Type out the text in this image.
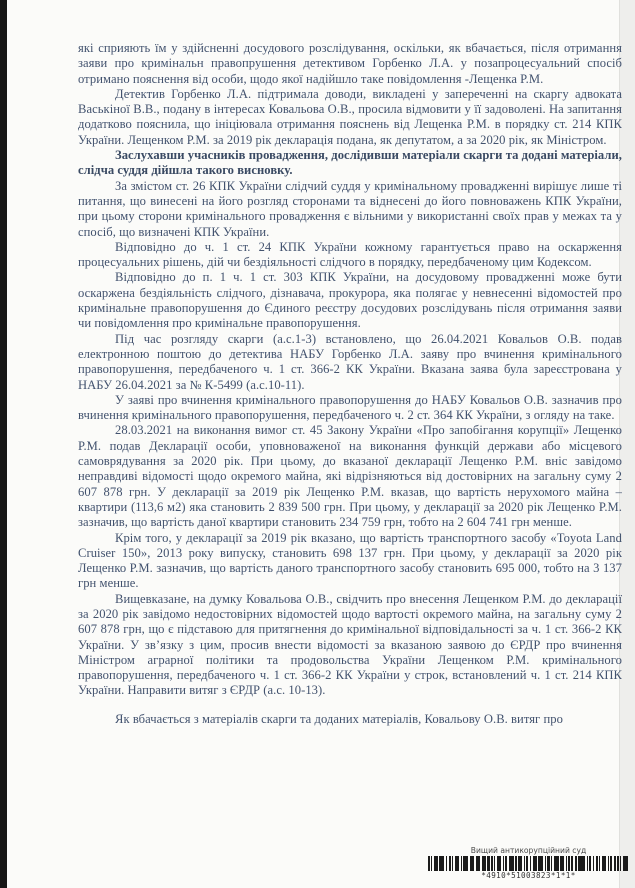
які сприяють їм у здійсненні досудового розслідування, оскільки, як вбачається, після отримання заяви про кримінальн правопрушення детективом Горбенко Л.А. у позапроцесуальний спосіб отримано пояснення від особи, щодо якої надійшло таке повідомлення -Лещенка Р.М.

Детектив Горбенко Л.А. підтримала доводи, викладені у запереченні на скаргу адвоката Васькіної В.В., подану в інтересах Ковальова О.В., просила відмовити у її задоволені. На запитання додатково пояснила, що ініціювала отримання пояснень від Лещенка Р.М. в порядку ст. 214 КПК України. Лещенком Р.М. за 2019 рік декларація подана, як депутатом, а за 2020 рік, як Міністром.

Заслухавши учасників провадження, дослідивши матеріали скарги та додані матеріали, слідча суддя дійшла такого висновку.

За змістом ст. 26 КПК України слідчий суддя у кримінальному провадженні вирішує лише ті питання, що винесені на його розгляд сторонами та віднесені до його повноважень КПК України, при цьому сторони кримінального провадження є вільними у використанні своїх прав у межах та у спосіб, що визначені КПК України.

Відповідно до ч. 1 ст. 24 КПК України кожному гарантується право на оскарження процесуальних рішень, дій чи бездіяльності слідчого в порядку, передбаченому цим Кодексом.

Відповідно до п. 1 ч. 1 ст. 303 КПК України, на досудовому провадженні може бути оскаржена бездіяльність слідчого, дізнавача, прокурора, яка полягає у невнесенні відомостей про кримінальне правопорушення до Єдиного реєстру досудових розслідувань після отримання заяви чи повідомлення про кримінальне правопорушення.

Під час розгляду скарги (а.с.1-3) встановлено, що 26.04.2021 Ковальов О.В. подав електронною поштою до детектива НАБУ Горбенко Л.А. заяву про вчинення кримінального правопорушення, передбаченого ч. 1 ст. 366-2 КК України. Вказана заява була зареєстрована у НАБУ 26.04.2021 за № К-5499 (а.с.10-11).

У заяві про вчинення кримінального правопорушення до НАБУ Ковальов О.В. зазначив про вчинення кримінального правопорушення, передбаченого ч. 2 ст. 364 КК України, з огляду на таке.

28.03.2021 на виконання вимог ст. 45 Закону України «Про запобігання корупції» Лещенко Р.М. подав Декларації особи, уповноваженої на виконання функцій держави або місцевого самоврядування за 2020 рік. При цьому, до вказаної декларації Лещенко Р.М. вніс завідомо неправдиві відомості щодо окремого майна, які відрізняються від достовірних на загальну суму 2 607 878 грн. У декларації за 2019 рік Лещенко Р.М. вказав, що вартість нерухомого майна – квартири (113,6 м2) яка становить 2 839 500 грн. При цьому, у декларації за 2020 рік Лещенко Р.М. зазначив, що вартість даної квартири становить 234 759 грн, тобто на 2 604 741 грн менше.

Крім того, у декларації за 2019 рік вказано, що вартість транспортного засобу «Toyota Land Cruiser 150», 2013 року випуску, становить 698 137 грн. При цьому, у декларації за 2020 рік Лещенко Р.М. зазначив, що вартість даного транспортного засобу становить 695 000, тобто на 3 137 грн менше.

Вищевказане, на думку Ковальова О.В., свідчить про внесення Лещенком Р.М. до декларації за 2020 рік завідомо недостовірних відомостей щодо вартості окремого майна, на загальну суму 2 607 878 грн, що є підставою для притягнення до кримінальної відповідальності за ч. 1 ст. 366-2 КК України. У зв’язку з цим, просив внести відомості за вказаною заявою до ЄРДР про вчинення Міністром аграрної політики та продовольства України Лещенком Р.М. кримінального правопорушення, передбаченого ч. 1 ст. 366-2 КК України у строк, встановлений ч. 1 ст. 214 КПК України. Направити витяг з ЄРДР (а.с. 10-13).

Як вбачається з матеріалів скарги та доданих матеріалів, Ковальову О.В. витяг про

Вищий антикорупційний суд
*4910*51003823*1*1*
